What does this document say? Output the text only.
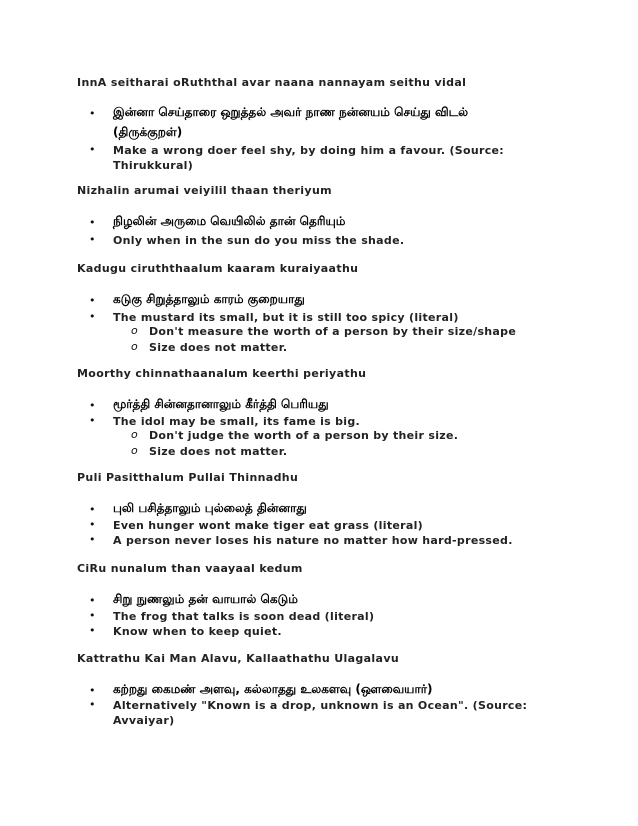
InnA seitharai oRuththal avar naana nannayam seithu vidal
• இன்னா செய்தாரை ஒறுத்தல் அவர் நாண நன்னயம் செய்து விடல்
(திருக்குறள்)
• Make a wrong doer feel shy, by doing him a favour. (Source: Thirukkural)
Nizhalin arumai veiyilil thaan theriyum
• நிழலின் அருமை வெயிலில் தான் தெரியும்
• Only when in the sun do you miss the shade.
Kadugu ciruththaalum kaaram kuraiyaathu
• கடுகு சிறுத்தாலும் காரம் குறையாது
• The mustard its small, but it is still too spicy (literal)
o Don't measure the worth of a person by their size/shape
o Size does not matter.
Moorthy chinnathaanalum keerthi periyathu
• மூர்த்தி சின்னதானாலும் கீர்த்தி பெரியது
• The idol may be small, its fame is big.
o Don't judge the worth of a person by their size.
o Size does not matter.
Puli Pasitthalum Pullai Thinnadhu
• புலி பசித்தாலும் புல்லைத் தின்னாது
• Even hunger wont make tiger eat grass (literal)
• A person never loses his nature no matter how hard-pressed.
CiRu nunalum than vaayaal kedum
• சிறு நுணலும் தன் வாயால் கெடும்
• The frog that talks is soon dead (literal)
• Know when to keep quiet.
Kattrathu Kai Man Alavu, Kallaathathu Ulagalavu
• கற்றது கைமண் அளவு, கல்லாதது உலகளவு (ஔவையார்)
• Alternatively "Known is a drop, unknown is an Ocean". (Source: Avvaiyar)
